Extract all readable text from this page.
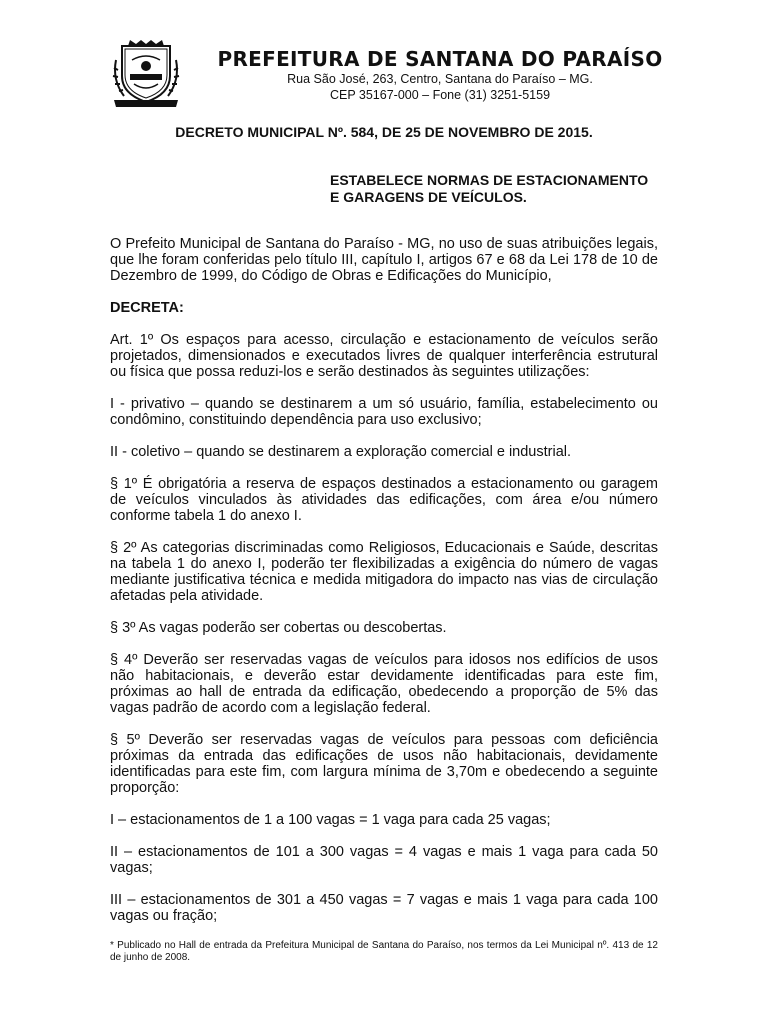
PREFEITURA DE SANTANA DO PARAÍSO
Rua São José, 263, Centro, Santana do Paraíso – MG.
CEP 35167-000 – Fone (31) 3251-5159
DECRETO MUNICIPAL Nº. 584, DE 25 DE NOVEMBRO DE 2015.
ESTABELECE NORMAS DE ESTACIONAMENTO
E GARAGENS DE VEÍCULOS.

O Prefeito Municipal de Santana do Paraíso - MG, no uso de suas atribuições legais, que lhe foram conferidas pelo título III, capítulo I, artigos 67 e 68 da Lei 178 de 10 de Dezembro de 1999, do Código de Obras e Edificações do Município,

DECRETA:

Art. 1º Os espaços para acesso, circulação e estacionamento de veículos serão projetados, dimensionados e executados livres de qualquer interferência estrutural ou física que possa reduzi-los e serão destinados às seguintes utilizações:

I - privativo – quando se destinarem a um só usuário, família, estabelecimento ou condômino, constituindo dependência para uso exclusivo;

II - coletivo – quando se destinarem a exploração comercial e industrial.

§ 1º É obrigatória a reserva de espaços destinados a estacionamento ou garagem de veículos vinculados às atividades das edificações, com área e/ou número conforme tabela 1 do anexo I.

§ 2º As categorias discriminadas como Religiosos, Educacionais e Saúde, descritas na tabela 1 do anexo I, poderão ter flexibilizadas a exigência do número de vagas mediante justificativa técnica e medida mitigadora do impacto nas vias de circulação afetadas pela atividade.

§ 3º As vagas poderão ser cobertas ou descobertas.

§ 4º Deverão ser reservadas vagas de veículos para idosos nos edifícios de usos não habitacionais, e deverão estar devidamente identificadas para este fim, próximas ao hall de entrada da edificação, obedecendo a proporção de 5% das vagas padrão de acordo com a legislação federal.

§ 5º Deverão ser reservadas vagas de veículos para pessoas com deficiência próximas da entrada das edificações de usos não habitacionais, devidamente identificadas para este fim, com largura mínima de 3,70m e obedecendo a seguinte proporção:

I – estacionamentos de 1 a 100 vagas = 1 vaga para cada 25 vagas;

II – estacionamentos de 101 a 300 vagas = 4 vagas e mais 1 vaga para cada 50 vagas;

III – estacionamentos de 301 a 450 vagas = 7 vagas e mais 1 vaga para cada 100 vagas ou fração;

* Publicado no Hall de entrada da Prefeitura Municipal de Santana do Paraíso, nos termos da Lei Municipal nº. 413 de 12 de junho de 2008.
